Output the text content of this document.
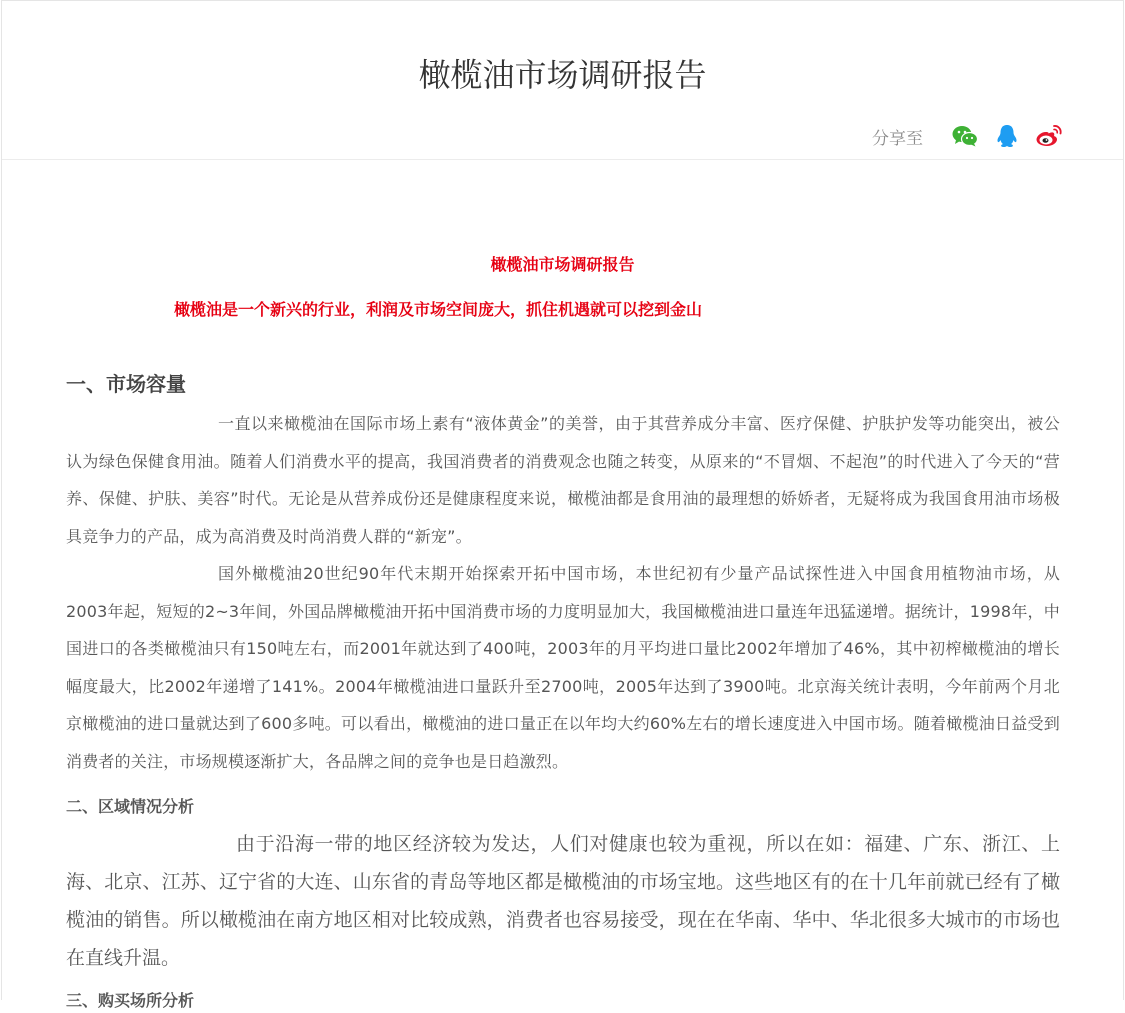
橄榄油市场调研报告
分享至
橄榄油市场调研报告
橄榄油是一个新兴的行业，利润及市场空间庞大，抓住机遇就可以挖到金山
一、市场容量

一直以来橄榄油在国际市场上素有“液体黄金”的美誉，由于其营养成分丰富、医疗保健、护肤护发等功能突出，被公认为绿色保健食用油。随着人们消费水平的提高，我国消费者的消费观念也随之转变，从原来的“不冒烟、不起泡”的时代进入了今天的“营养、保健、护肤、美容”时代。无论是从营养成份还是健康程度来说，橄榄油都是食用油的最理想的娇娇者，无疑将成为我国食用油市场极具竞争力的产品，成为高消费及时尚消费人群的“新宠”。

国外橄榄油20世纪90年代末期开始探索开拓中国市场，本世纪初有少量产品试探性进入中国食用植物油市场，从2003年起，短短的2~3年间，外国品牌橄榄油开拓中国消费市场的力度明显加大，我国橄榄油进口量连年迅猛递增。据统计，1998年，中国进口的各类橄榄油只有150吨左右，而2001年就达到了400吨，2003年的月平均进口量比2002年增加了46%，其中初榨橄榄油的增长幅度最大，比2002年递增了141%。2004年橄榄油进口量跃升至2700吨，2005年达到了3900吨。北京海关统计表明，今年前两个月北京橄榄油的进口量就达到了600多吨。可以看出，橄榄油的进口量正在以年均大约60%左右的增长速度进入中国市场。随着橄榄油日益受到消费者的关注，市场规模逐渐扩大，各品牌之间的竞争也是日趋激烈。

二、区域情况分析

由于沿海一带的地区经济较为发达，人们对健康也较为重视，所以在如：福建、广东、浙江、上海、北京、江苏、辽宁省的大连、山东省的青岛等地区都是橄榄油的市场宝地。这些地区有的在十几年前就已经有了橄榄油的销售。所以橄榄油在南方地区相对比较成熟，消费者也容易接受，现在在华南、华中、华北很多大城市的市场也在直线升温。

三、购买场所分析
